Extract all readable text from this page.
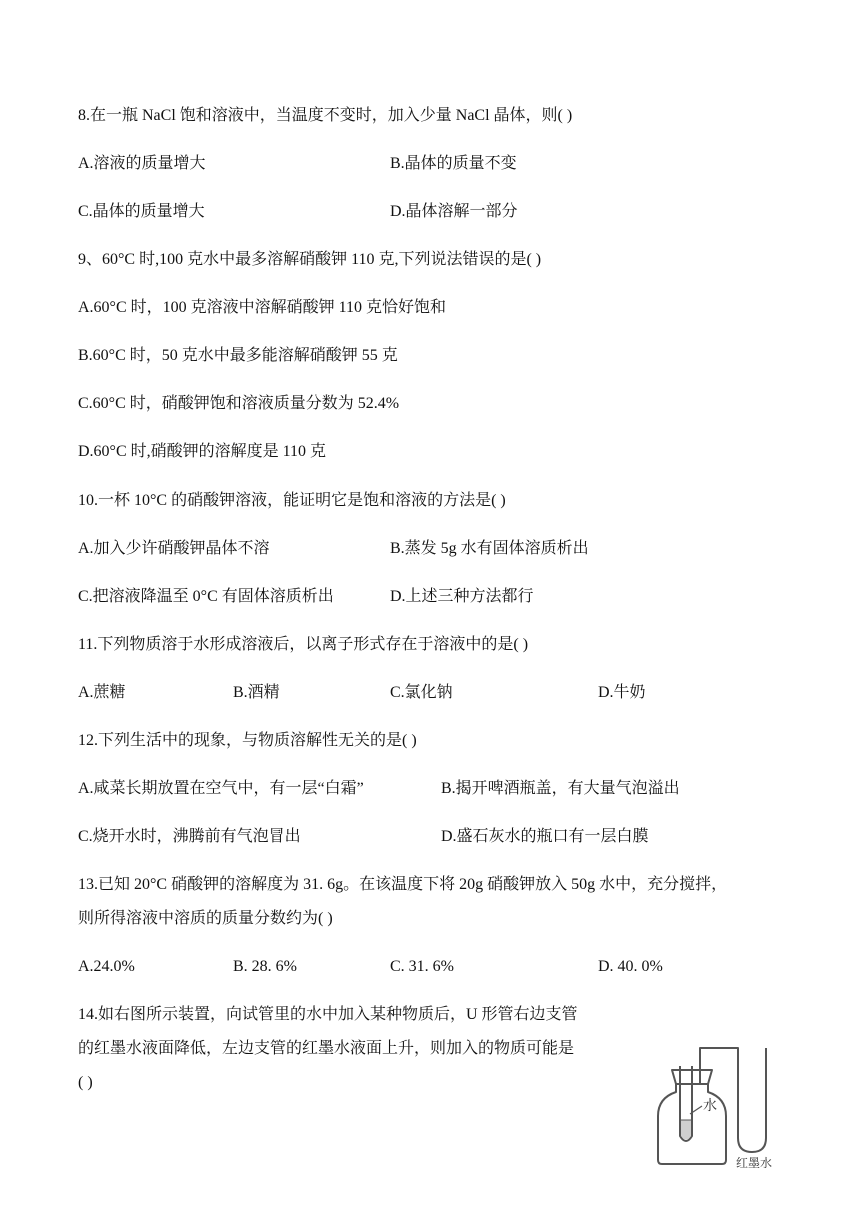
8.在一瓶 NaCl 饱和溶液中，当温度不变时，加入少量 NaCl 晶体，则( )
A.溶液的质量增大	B.晶体的质量不变
C.晶体的质量增大	D.晶体溶解一部分
9、60°C 时,100 克水中最多溶解硝酸钾 110 克,下列说法错误的是( )
A.60°C 时，100 克溶液中溶解硝酸钾 110 克恰好饱和
B.60°C 时，50 克水中最多能溶解硝酸钾 55 克
C.60°C 时，硝酸钾饱和溶液质量分数为 52.4%
D.60°C 时,硝酸钾的溶解度是 110 克
10.一杯 10°C 的硝酸钾溶液，能证明它是饱和溶液的方法是( )
A.加入少许硝酸钾晶体不溶	B.蒸发 5g 水有固体溶质析出
C.把溶液降温至 0°C 有固体溶质析出	D.上述三种方法都行
11.下列物质溶于水形成溶液后，以离子形式存在于溶液中的是( )
A.蔗糖	B.酒精	C.氯化钠	D.牛奶
12.下列生活中的现象，与物质溶解性无关的是( )
A.咸菜长期放置在空气中，有一层“白霜”	B.揭开啤酒瓶盖，有大量气泡溢出
C.烧开水时，沸腾前有气泡冒出	D.盛石灰水的瓶口有一层白膜
13.已知 20°C 硝酸钾的溶解度为 31. 6g。在该温度下将 20g 硝酸钾放入 50g 水中，充分搅拌，
则所得溶液中溶质的质量分数约为( )
A.24.0%	B. 28. 6%	C. 31. 6%	D. 40. 0%
14.如右图所示装置，向试管里的水中加入某种物质后，U 形管右边支管
的红墨水液面降低，左边支管的红墨水液面上升，则加入的物质可能是
( )
水
红墨水
